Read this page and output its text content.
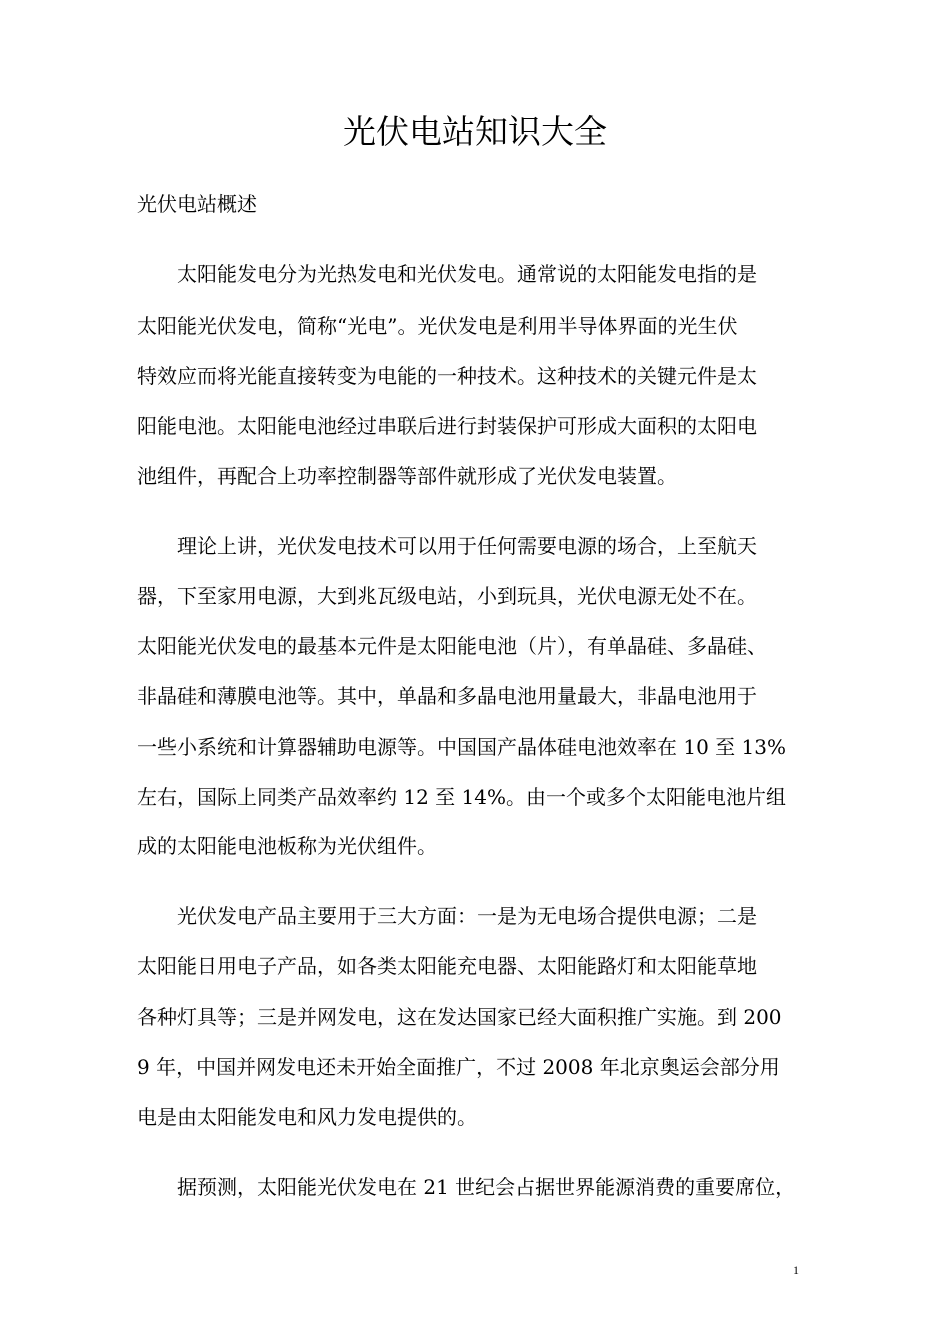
光伏电站知识大全
光伏电站概述
　　太阳能发电分为光热发电和光伏发电。通常说的太阳能发电指的是
太阳能光伏发电，简称“光电”。光伏发电是利用半导体界面的光生伏
特效应而将光能直接转变为电能的一种技术。这种技术的关键元件是太
阳能电池。太阳能电池经过串联后进行封装保护可形成大面积的太阳电
池组件，再配合上功率控制器等部件就形成了光伏发电装置。
　　理论上讲，光伏发电技术可以用于任何需要电源的场合，上至航天
器，下至家用电源，大到兆瓦级电站，小到玩具，光伏电源无处不在。
太阳能光伏发电的最基本元件是太阳能电池（片），有单晶硅、多晶硅、
非晶硅和薄膜电池等。其中，单晶和多晶电池用量最大，非晶电池用于
一些小系统和计算器辅助电源等。中国国产晶体硅电池效率在 10 至 13%
左右，国际上同类产品效率约 12 至 14%。由一个或多个太阳能电池片组
成的太阳能电池板称为光伏组件。
　　光伏发电产品主要用于三大方面：一是为无电场合提供电源；二是
太阳能日用电子产品，如各类太阳能充电器、太阳能路灯和太阳能草地
各种灯具等；三是并网发电，这在发达国家已经大面积推广实施。到 200
9 年，中国并网发电还未开始全面推广，不过 2008 年北京奥运会部分用
电是由太阳能发电和风力发电提供的。
　　据预测，太阳能光伏发电在 21 世纪会占据世界能源消费的重要席位，
1
